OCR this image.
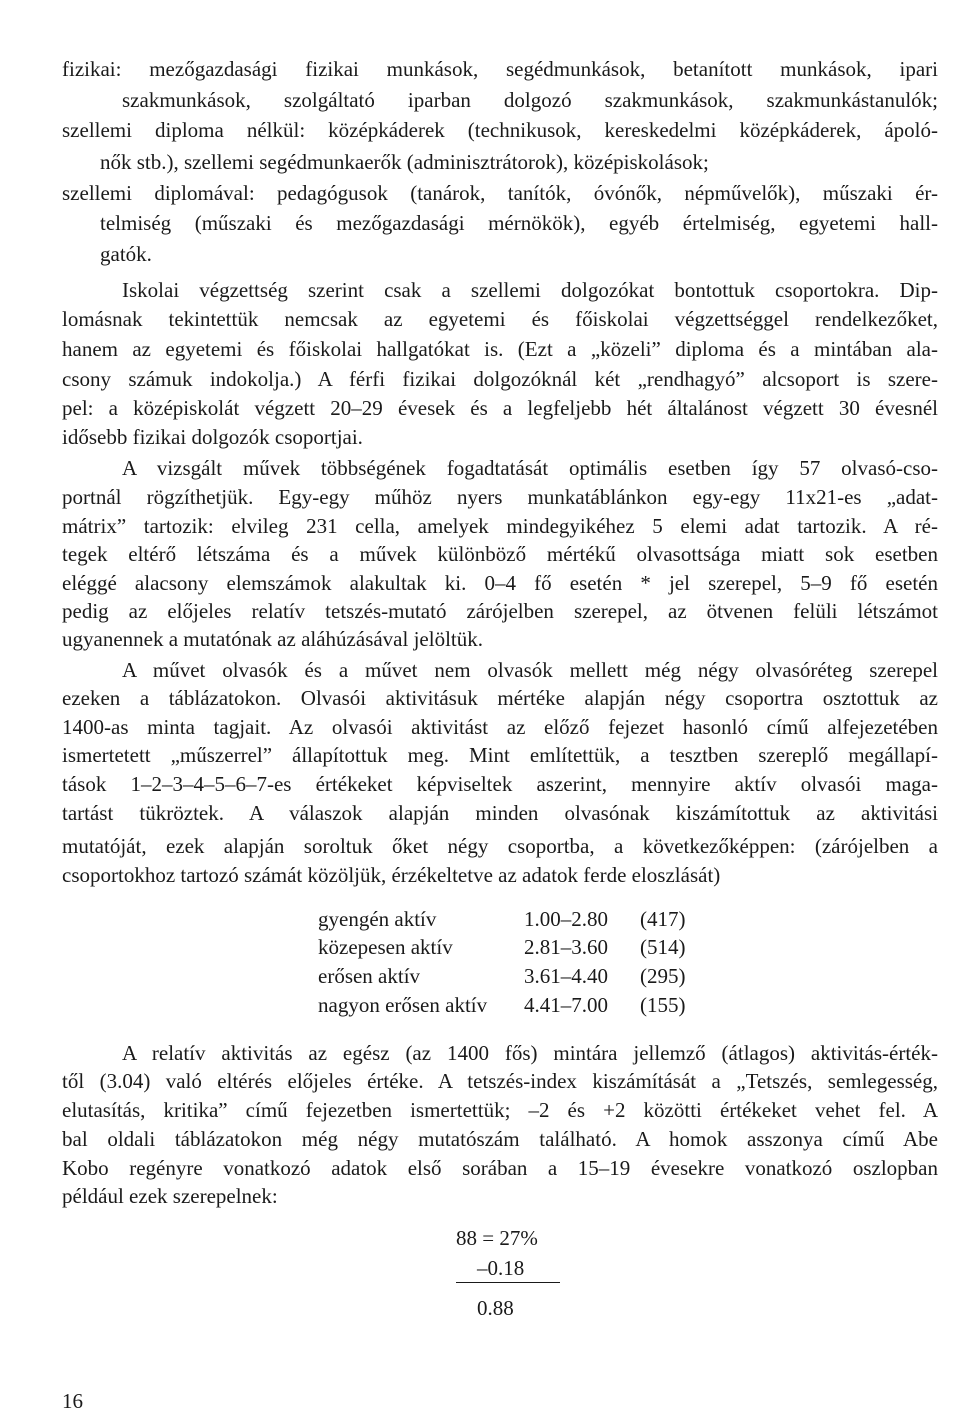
fizikai: mezőgazdasági fizikai munkások, segédmunkások, betanított munkások, ipari
szakmunkások, szolgáltató iparban dolgozó szakmunkások, szakmunkástanulók;
szellemi diploma nélkül: középkáderek (technikusok, kereskedelmi középkáderek, ápoló-
nők stb.), szellemi segédmunkaerők (adminisztrátorok), középiskolások;
szellemi diplomával: pedagógusok (tanárok, tanítók, óvónők, népművelők), műszaki ér-
telmiség (műszaki és mezőgazdasági mérnökök), egyéb értelmiség, egyetemi hall-
gatók.
Iskolai végzettség szerint csak a szellemi dolgozókat bontottuk csoportokra. Dip-
lomásnak tekintettük nemcsak az egyetemi és főiskolai végzettséggel rendelkezőket,
hanem az egyetemi és főiskolai hallgatókat is. (Ezt a „közeli” diploma és a mintában ala-
csony számuk indokolja.) A férfi fizikai dolgozóknál két „rendhagyó” alcsoport is szere-
pel: a középiskolát végzett 20–29 évesek és a legfeljebb hét általánost végzett 30 évesnél
idősebb fizikai dolgozók csoportjai.
A vizsgált művek többségének fogadtatását optimális esetben így 57 olvasó-cso-
portnál rögzíthetjük. Egy-egy műhöz nyers munkatáblánkon egy-egy 11x21-es „adat-
mátrix” tartozik: elvileg 231 cella, amelyek mindegyikéhez 5 elemi adat tartozik. A ré-
tegek eltérő létszáma és a művek különböző mértékű olvasottsága miatt sok esetben
eléggé alacsony elemszámok alakultak ki. 0–4 fő esetén * jel szerepel, 5–9 fő esetén
pedig az előjeles relatív tetszés-mutató zárójelben szerepel, az ötvenen felüli létszámot
ugyanennek a mutatónak az aláhúzásával jelöltük.
A művet olvasók és a művet nem olvasók mellett még négy olvasóréteg szerepel
ezeken a táblázatokon. Olvasói aktivitásuk mértéke alapján négy csoportra osztottuk az
1400-as minta tagjait. Az olvasói aktivitást az előző fejezet hasonló című alfejezetében
ismertetett „műszerrel” állapítottuk meg. Mint említettük, a tesztben szereplő megállapí-
tások 1–2–3–4–5–6–7-es értékeket képviseltek aszerint, mennyire aktív olvasói maga-
tartást tükröztek. A válaszok alapján minden olvasónak kiszámítottuk az aktivitási
mutatóját, ezek alapján soroltuk őket négy csoportba, a következőképpen: (zárójelben a
csoportokhoz tartozó számát közöljük, érzékeltetve az adatok ferde eloszlását)
gyengén aktív	1.00–2.80 (417)
közepesen aktív	2.81–3.60 (514)
erősen aktív	3.61–4.40 (295)
nagyon erősen aktív 4.41–7.00 (155)
A relatív aktivitás az egész (az 1400 fős) mintára jellemző (átlagos) aktivitás-érték-
től (3.04) való eltérés előjeles értéke. A tetszés-index kiszámítását a „Tetszés, semlegesség,
elutasítás, kritika” című fejezetben ismertettük; –2 és +2 közötti értékeket vehet fel. A
bal oldali táblázatokon még négy mutatószám található. A homok asszonya című Abe
Kobo regényre vonatkozó adatok első sorában a 15–19 évesekre vonatkozó oszlopban
például ezek szerepelnek:
88 = 27%
–0.18
0.88
16
